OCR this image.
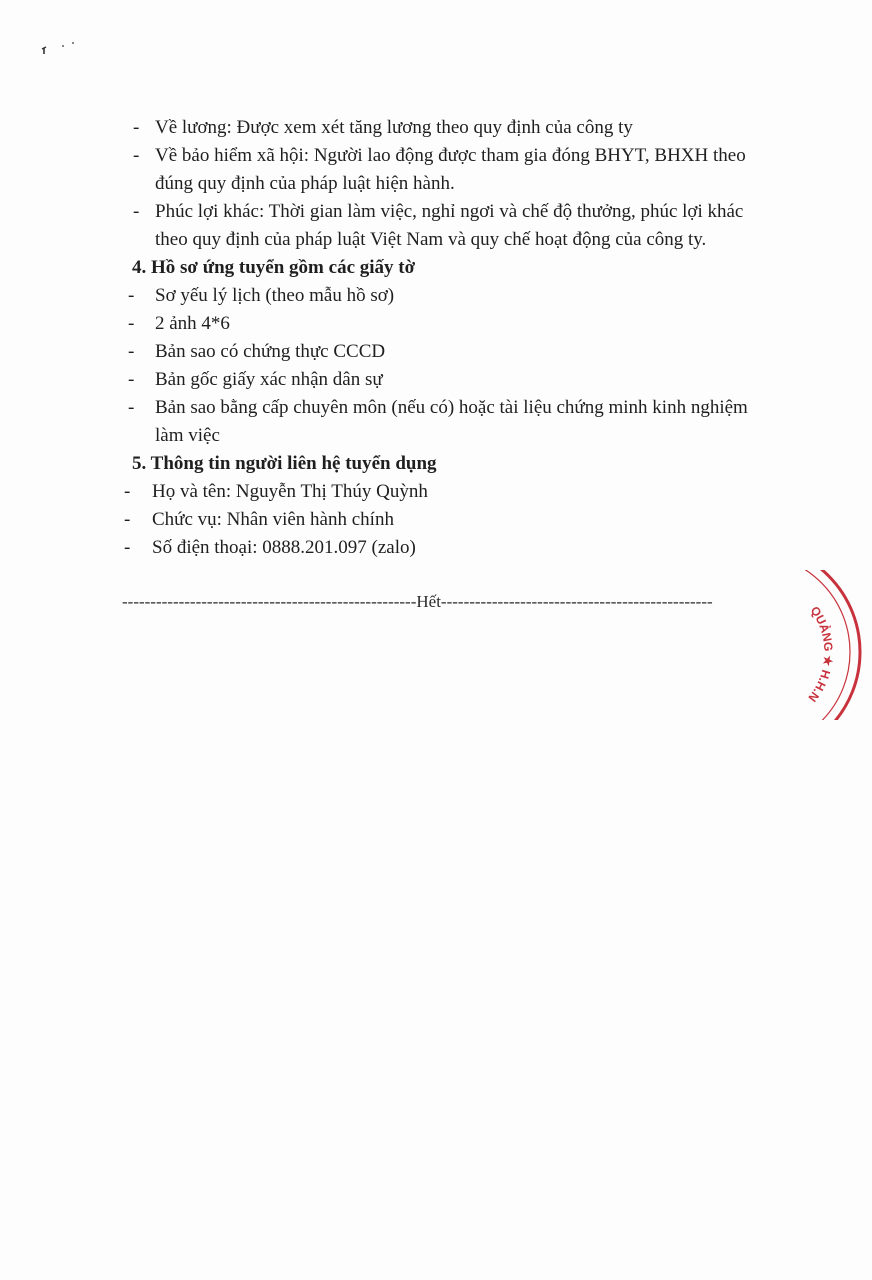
- Về lương: Được xem xét tăng lương theo quy định của công ty
- Về bảo hiểm xã hội: Người lao động được tham gia đóng BHYT, BHXH theo
đúng quy định của pháp luật hiện hành.
- Phúc lợi khác: Thời gian làm việc, nghỉ ngơi và chế độ thưởng, phúc lợi khác
theo quy định của pháp luật Việt Nam và quy chế hoạt động của công ty.
4. Hồ sơ ứng tuyển gồm các giấy tờ
- Sơ yếu lý lịch (theo mẫu hồ sơ)
- 2 ảnh 4*6
- Bản sao có chứng thực CCCD
- Bản gốc giấy xác nhận dân sự
- Bản sao bằng cấp chuyên môn (nếu có) hoặc tài liệu chứng minh kinh nghiệm
làm việc
5. Thông tin người liên hệ tuyển dụng
- Họ và tên: Nguyễn Thị Thúy Quỳnh
- Chức vụ: Nhân viên hành chính
- Số điện thoại: 0888.201.097 (zalo)
----------------------------------------------------Hết------------------------------------------------
QUẢNG ★ H.H.N
